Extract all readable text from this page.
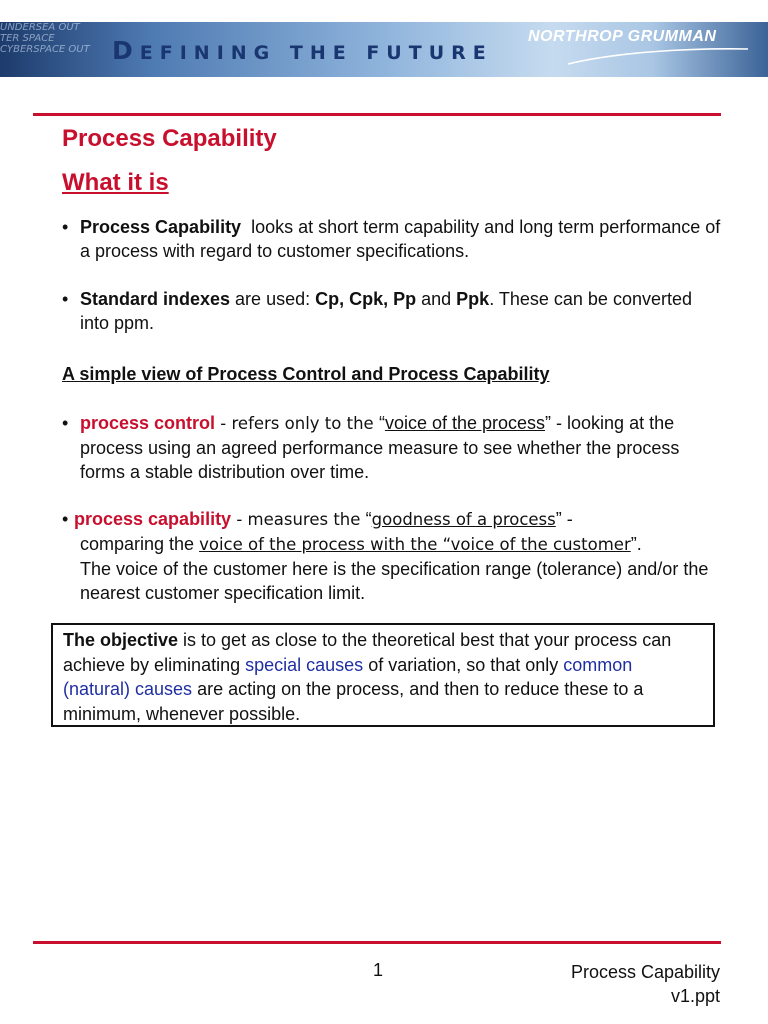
UNDERSEA OUT
TER SPACE
CYBERSPACE OUT DEFINING THE FUTURE
NORTHROP GRUMMAN
Process Capability
What it is

• Process Capability  looks at short term capability and long term performance of a process with regard to customer specifications.

• Standard indexes are used: Cp, Cpk, Pp and Ppk. These can be converted into ppm.

A simple view of Process Control and Process Capability

• process control - refers only to the “voice of the process” - looking at the process using an agreed performance measure to see whether the process forms a stable distribution over time.

• process capability - measures the “goodness of a process” -
comparing the voice of the process with the “voice of the customer”.
The voice of the customer here is the specification range (tolerance) and/or the nearest customer specification limit.

The objective is to get as close to the theoretical best that your process can achieve by eliminating special causes of variation, so that only common (natural) causes are acting on the process, and then to reduce these to a minimum, whenever possible.
1	Process Capability
v1.ppt
